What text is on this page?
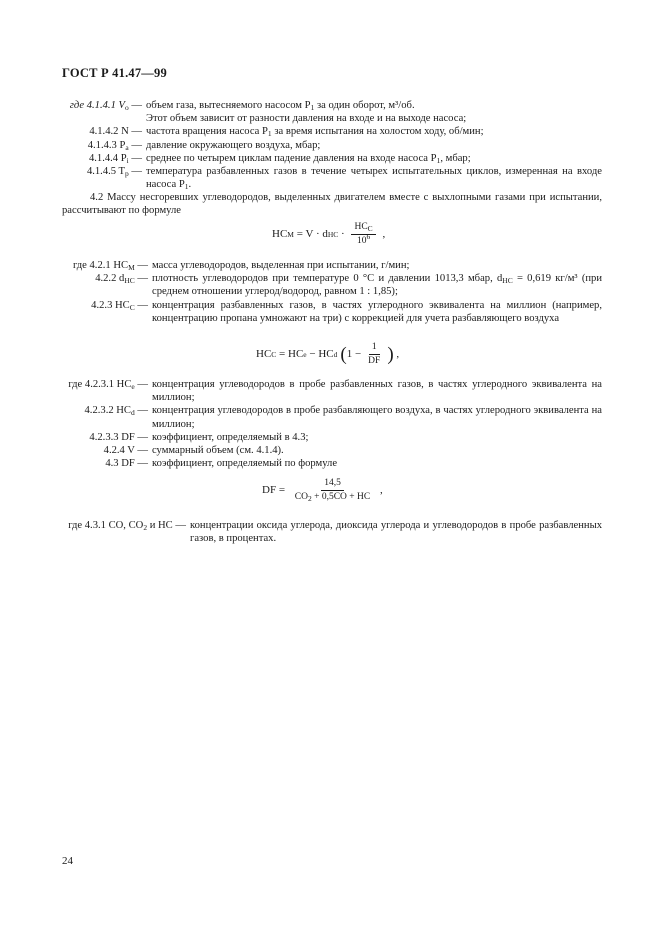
ГОСТ Р 41.47—99
где 4.1.4.1 $V_o$ — объем газа, вытесняемого насосом $P_1$ за один оборот, м³/об.
Этот объем зависит от разности давления на входе и на выходе насоса;
4.1.4.2 N — частота вращения насоса $P_1$ за время испытания на холостом ходу, об/мин;
4.1.4.3 $P_a$ — давление окружающего воздуха, мбар;
4.1.4.4 $P_i$ — среднее по четырем циклам падение давления на входе насоса $P_1$, мбар;
4.1.4.5 $T_p$ — температура разбавленных газов в течение четырех испытательных циклов, измеренная на входе насоса $P_1$.
4.2 Массу несгоревших углеводородов, выделенных двигателем вместе с выхлопными газами при испытании, рассчитывают по формуле
HC M = V · d HC · $\frac{HC_C}{10^6}$ ,
где 4.2.1 $HC_M$ — масса углеводородов, выделенная при испытании, г/мин;
4.2.2 $d_{HC}$ — плотность углеводородов при температуре 0 °С и давлении 1013,3 мбар, $d_{HC} = 0,619$ кг/м³ (при среднем отношении углерод/водород, равном 1 : 1,85);
4.2.3 $HC_C$ — концентрация разбавленных газов, в частях углеродного эквивалента на миллион (например, концентрацию пропана умножают на три) с коррекцией для учета разбавляющего воздуха
HC C = HC e − HC d ( $1 - \frac{1}{DF}$ ) ,
где 4.2.3.1 $HC_e$ — концентрация углеводородов в пробе разбавленных газов, в частях углеродного эквивалента на миллион;
4.2.3.2 $HC_d$ — концентрация углеводородов в пробе разбавляющего воздуха, в частях углеродного эквивалента на миллион;
4.2.3.3 DF — коэффициент, определяемый в 4.3;
4.2.4 V — суммарный объем (см. 4.1.4).
4.3 DF — коэффициент, определяемый по формуле
DF = $\frac{14,5}{CO_2 + 0,5CO + HC}$ ,
где 4.3.1 CO, $CO_2$ и HC — концентрации оксида углерода, диоксида углерода и углеводородов в пробе разбавленных газов, в процентах.
24
